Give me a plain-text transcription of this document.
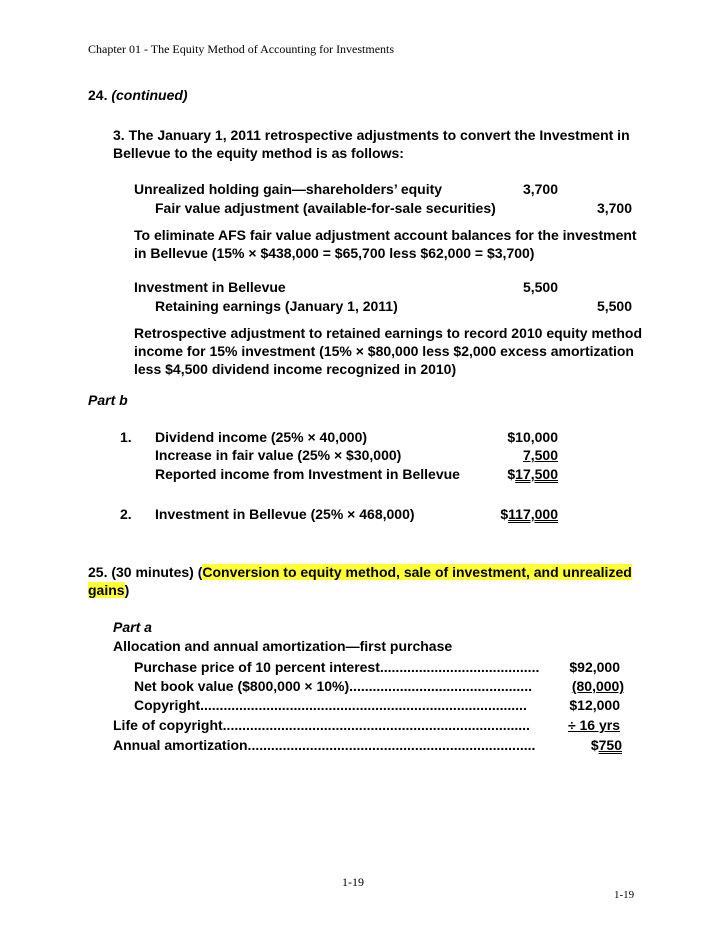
Chapter 01 - The Equity Method of Accounting for Investments
24. (continued)
3. The January 1, 2011 retrospective adjustments to convert the Investment in
Bellevue to the equity method is as follows:
Unrealized holding gain—shareholders’ equity	3,700
Fair value adjustment (available-for-sale securities)	3,700
To eliminate AFS fair value adjustment account balances for the investment
in Bellevue (15% × $438,000 = $65,700 less $62,000 = $3,700)
Investment in Bellevue	5,500
Retaining earnings (January 1, 2011)	5,500
Retrospective adjustment to retained earnings to record 2010 equity method
income for 15% investment (15% × $80,000 less $2,000 excess amortization
less $4,500 dividend income recognized in 2010)
Part b
1. Dividend income (25% × 40,000)	$10,000
Increase in fair value (25% × $30,000)	7,500
Reported income from Investment in Bellevue	$17,500
2. Investment in Bellevue (25% × 468,000)	$117,000
25. (30 minutes) (Conversion to equity method, sale of investment, and unrealized
gains)
Part a
Allocation and annual amortization—first purchase
Purchase price of 10 percent interest.........................................	$92,000
Net book value ($800,000 × 10%)...............................................	(80,000)
Copyright....................................................................................	$12,000
Life of copyright...............................................................................	÷ 16 yrs
Annual amortization..........................................................................	$750
1-19
1-19
